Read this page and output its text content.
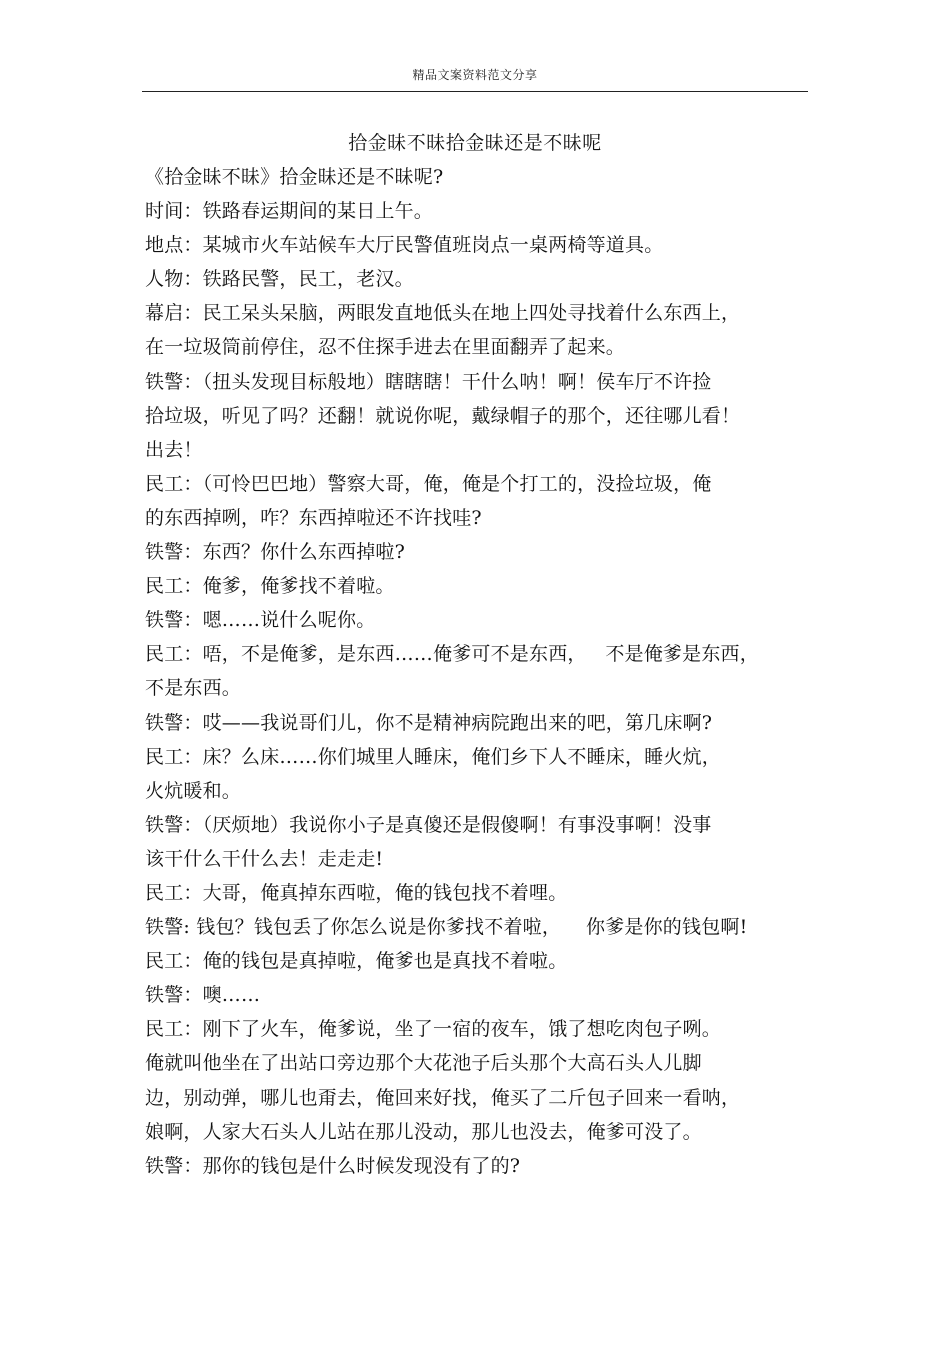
精品文案资料范文分享
拾金昧不昧拾金昧还是不昧呢
《拾金昧不昧》拾金昧还是不昧呢?
时间：铁路春运期间的某日上午。
地点：某城市火车站候车大厅民警值班岗点一桌两椅等道具。
人物：铁路民警，民工，老汉。
幕启：民工呆头呆脑，两眼发直地低头在地上四处寻找着什么东西上，
在一垃圾筒前停住，忍不住探手进去在里面翻弄了起来。
铁警：（扭头发现目标般地）瞎瞎瞎！干什么呐！啊！侯车厅不许捡
拾垃圾，听见了吗？还翻！就说你呢，戴绿帽子的那个，还往哪儿看！
出去！
民工：（可怜巴巴地）警察大哥，俺，俺是个打工的，没捡垃圾，俺
的东西掉咧，咋？东西掉啦还不许找哇?
铁警：东西？你什么东西掉啦?
民工：俺爹，俺爹找不着啦。
铁警：嗯……说什么呢你。
民工：唔，不是俺爹，是东西……俺爹可不是东西，   不是俺爹是东西，
不是东西。
铁警：哎——我说哥们儿，你不是精神病院跑出来的吧，第几床啊?
民工：床？么床……你们城里人睡床，俺们乡下人不睡床，睡火炕，
火炕暖和。
铁警：（厌烦地）我说你小子是真傻还是假傻啊！有事没事啊！没事
该干什么干什么去！走走走!
民工：大哥，俺真掉东西啦，俺的钱包找不着哩。
铁警: 钱包？钱包丢了你怎么说是你爹找不着啦，    你爹是你的钱包啊!
民工：俺的钱包是真掉啦，俺爹也是真找不着啦。
铁警：噢……
民工：刚下了火车，俺爹说，坐了一宿的夜车，饿了想吃肉包子咧。
俺就叫他坐在了出站口旁边那个大花池子后头那个大高石头人儿脚
边，别动弹，哪儿也甭去，俺回来好找，俺买了二斤包子回来一看呐，
娘啊，人家大石头人儿站在那儿没动，那儿也没去，俺爹可没了。
铁警：那你的钱包是什么时候发现没有了的?
